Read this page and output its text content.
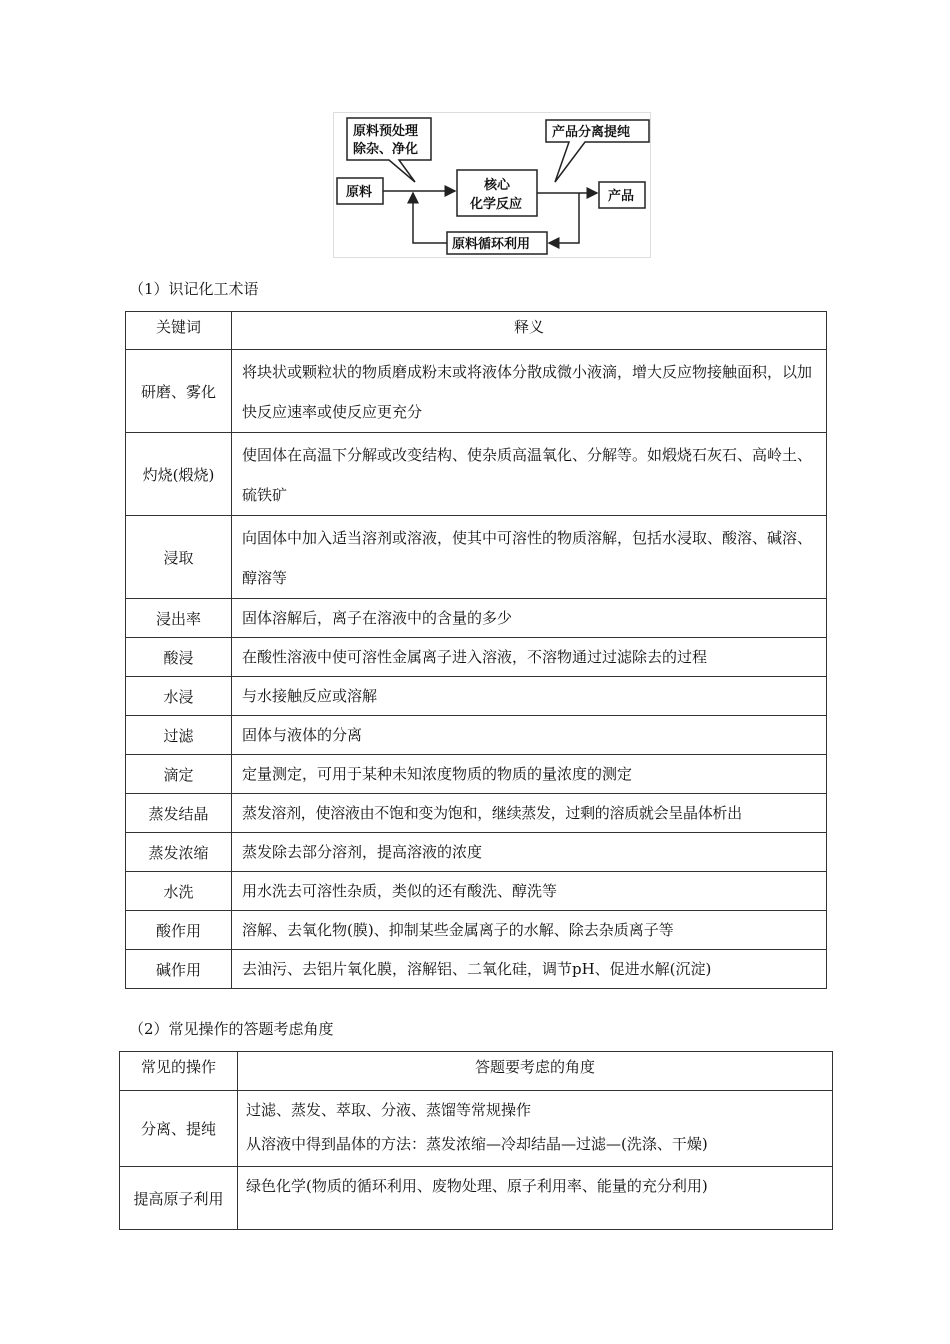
原料预处理
除杂、净化
产品分离提纯
原料	核心
化学反应
产品
原料循环利用
（1）识记化工术语
关键词	释义
研磨、雾化	将块状或颗粒状的物质磨成粉末或将液体分散成微小液滴，增大反应物接触面积，以加快反应速率或使反应更充分
灼烧(煅烧)	使固体在高温下分解或改变结构、使杂质高温氧化、分解等。如煅烧石灰石、高岭土、硫铁矿
浸取	向固体中加入适当溶剂或溶液，使其中可溶性的物质溶解，包括水浸取、酸溶、碱溶、醇溶等
浸出率	固体溶解后，离子在溶液中的含量的多少
酸浸	在酸性溶液中使可溶性金属离子进入溶液，不溶物通过过滤除去的过程
水浸	与水接触反应或溶解
过滤	固体与液体的分离
滴定	定量测定，可用于某种未知浓度物质的物质的量浓度的测定
蒸发结晶	蒸发溶剂，使溶液由不饱和变为饱和，继续蒸发，过剩的溶质就会呈晶体析出
蒸发浓缩	蒸发除去部分溶剂，提高溶液的浓度
水洗	用水洗去可溶性杂质，类似的还有酸洗、醇洗等
酸作用	溶解、去氧化物(膜)、抑制某些金属离子的水解、除去杂质离子等
碱作用	去油污、去铝片氧化膜，溶解铝、二氧化硅，调节pH、促进水解(沉淀)
（2）常见操作的答题考虑角度
常见的操作	答题要考虑的角度
分离、提纯	过滤、蒸发、萃取、分液、蒸馏等常规操作
从溶液中得到晶体的方法：蒸发浓缩—冷却结晶—过滤—(洗涤、干燥)

提高原子利用	绿色化学(物质的循环利用、废物处理、原子利用率、能量的充分利用)
